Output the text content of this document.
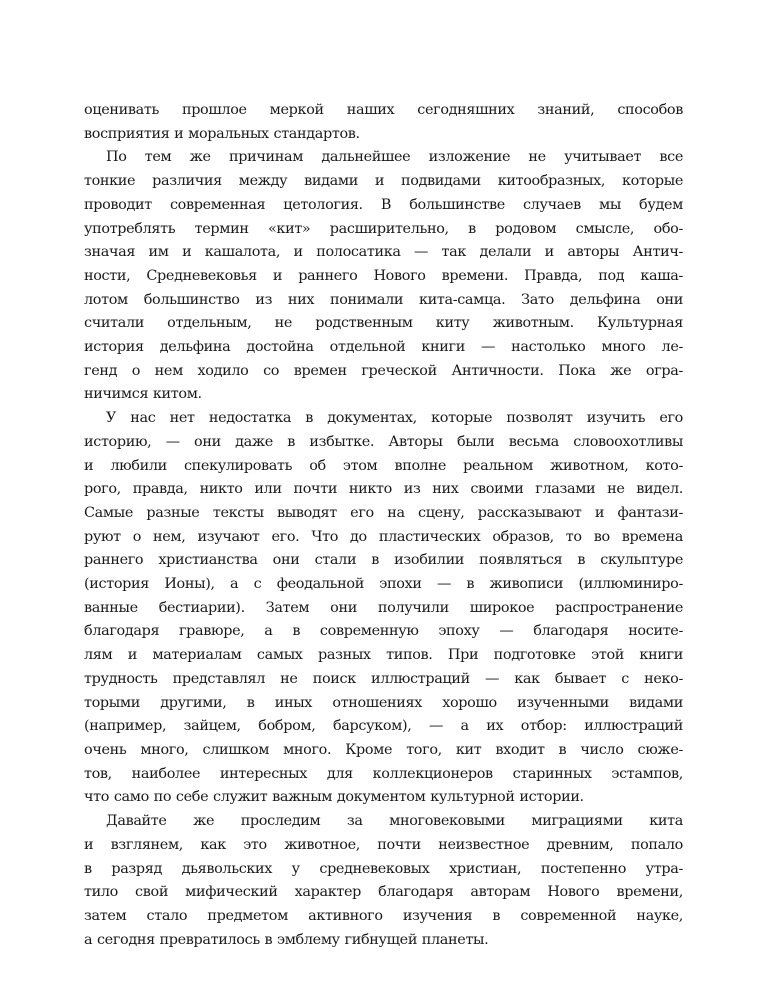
оценивать прошлое меркой наших сегодняшних знаний, способов
восприятия и моральных стандартов.

По тем же причинам дальнейшее изложение не учитывает все
тонкие различия между видами и подвидами китообразных, которые
проводит современная цетология. В большинстве случаев мы будем
употреблять термин «кит» расширительно, в родовом смысле, обо-
значая им и кашалота, и полосатика — так делали и авторы Антич-
ности, Средневековья и раннего Нового времени. Правда, под кашa-
лотом большинство из них понимали кита-самца. Зато дельфина они
считали отдельным, не родственным киту животным. Культурная
история дельфина достойна отдельной книги — настолько много ле-
генд о нем ходило со времен греческой Античности. Пока же огра-
ничимся китом.

У нас нет недостатка в документах, которые позволят изучить его
историю, — они даже в избытке. Авторы были весьма словоохотливы
и любили спекулировать об этом вполне реальном животном, кото-
рого, правда, никто или почти никто из них своими глазами не видел.
Самые разные тексты выводят его на сцену, рассказывают и фантази-
руют о нем, изучают его. Что до пластических образов, то во времена
раннего христианства они стали в изобилии появляться в скульптуре
(история Ионы), а с феодальной эпохи — в живописи (иллюминиро-
ванные бестиарии). Затем они получили широкое распространение
благодаря гравюре, а в современную эпоху — благодаря носите-
лям и материалам самых разных типов. При подготовке этой книги
трудность представлял не поиск иллюстраций — как бывает с неко-
торыми другими, в иных отношениях хорошо изученными видами
(например, зайцем, бобром, барсуком), — а их отбор: иллюстраций
очень много, слишком много. Кроме того, кит входит в число сюже-
тов, наиболее интересных для коллекционеров старинных эстампов,
что само по себе служит важным документом культурной истории.

Давайте же проследим за многовековыми миграциями кита
и взглянем, как это животное, почти неизвестное древним, попало
в разряд дьявольских у средневековых христиан, постепенно утра-
тило свой мифический характер благодаря авторам Нового времени,
затем стало предметом активного изучения в современной науке,
а сегодня превратилось в эмблему гибнущей планеты.
